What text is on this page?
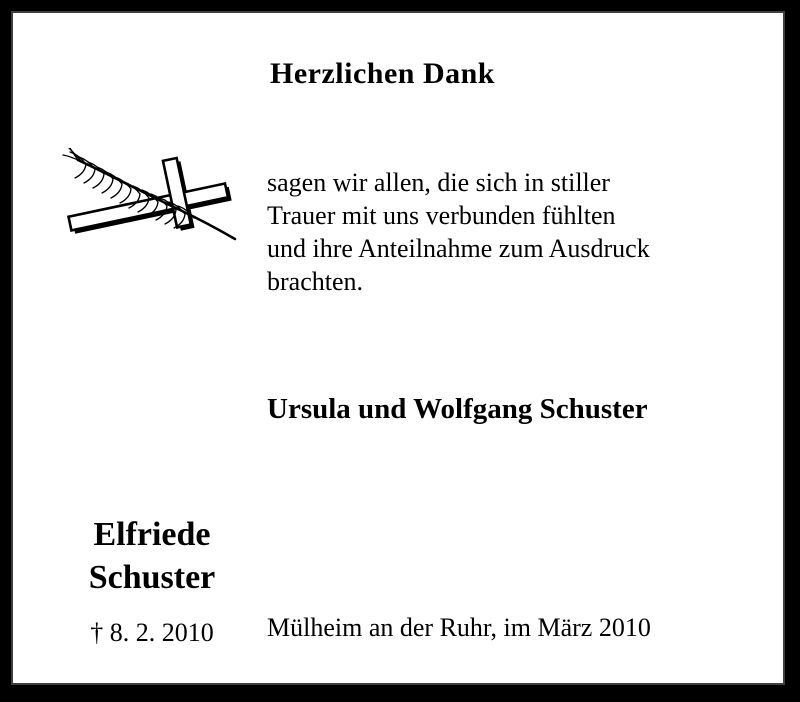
Herzlichen Dank
sagen wir allen, die sich in stiller
Trauer mit uns verbunden fühlten
und ihre Anteilnahme zum Ausdruck
brachten.
Ursula und Wolfgang Schuster
Elfriede
Schuster
† 8. 2. 2010	Mülheim an der Ruhr, im März 2010
